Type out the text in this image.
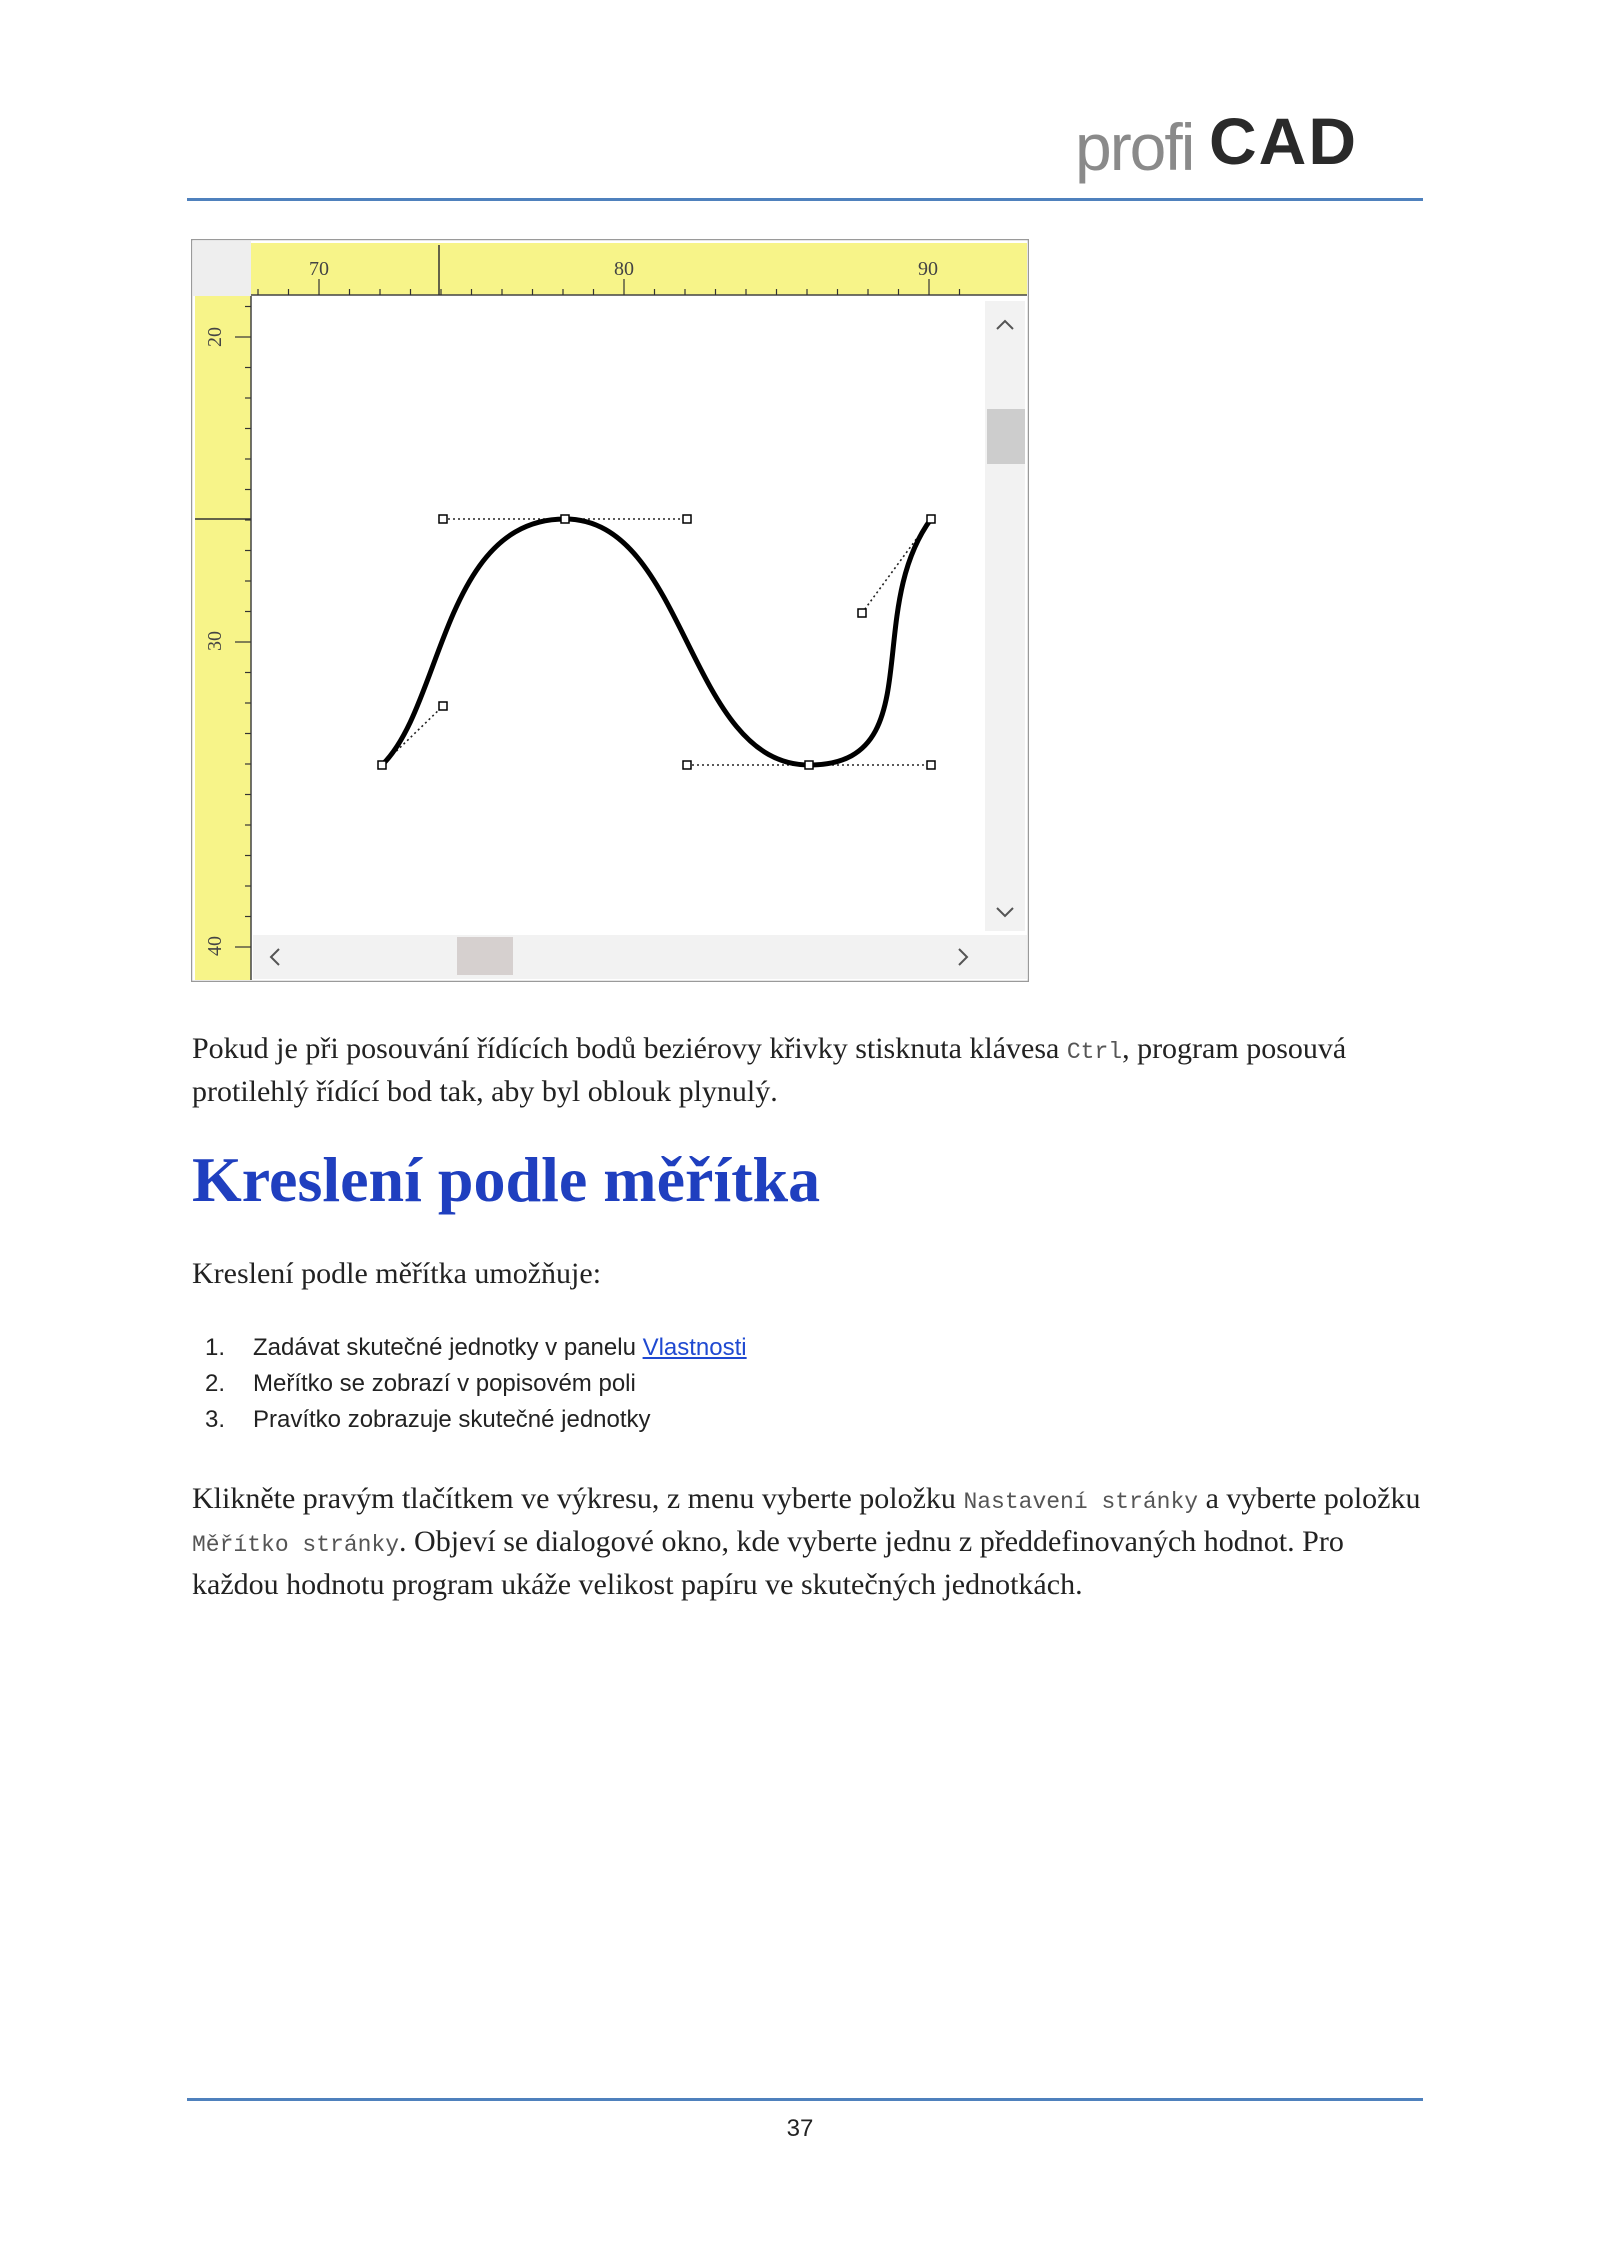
profi CAD
70	80	90
20
30
40

Pokud je při posouvání řídících bodů beziérovy křivky stisknuta klávesa Ctrl, program posouvá protilehlý řídící bod tak, aby byl oblouk plynulý.

Kreslení podle měřítka

Kreslení podle měřítka umožňuje:

1. Zadávat skutečné jednotky v panelu Vlastnosti
2. Meřítko se zobrazí v popisovém poli
3. Pravítko zobrazuje skutečné jednotky

Klikněte pravým tlačítkem ve výkresu, z menu vyberte položku Nastavení stránky a vyberte položku Měřítko stránky. Objeví se dialogové okno, kde vyberte jednu z předdefinovaných hodnot. Pro každou hodnotu program ukáže velikost papíru ve skutečných jednotkách.

37
